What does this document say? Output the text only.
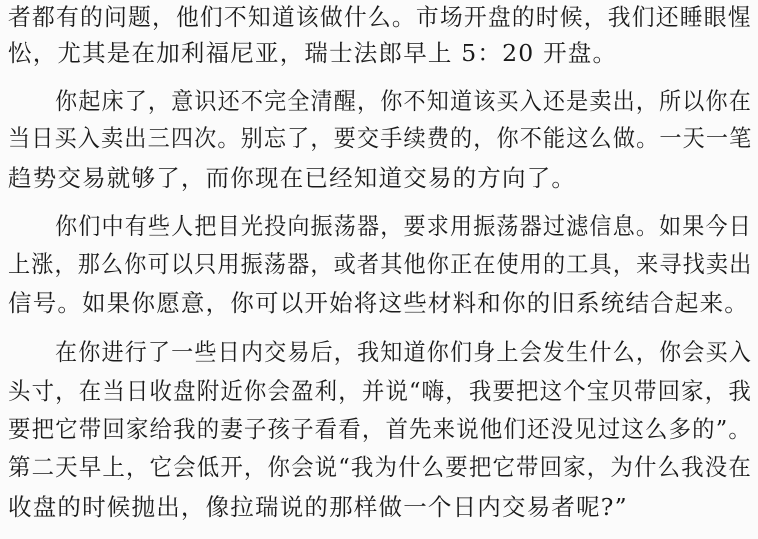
者都有的问题，他们不知道该做什么。市场开盘的时候，我们还睡眼惺
忪，尤其是在加利福尼亚，瑞士法郎早上 5：20 开盘。
你起床了，意识还不完全清醒，你不知道该买入还是卖出，所以你在
当日买入卖出三四次。别忘了，要交手续费的，你不能这么做。一天一笔
趋势交易就够了，而你现在已经知道交易的方向了。
你们中有些人把目光投向振荡器，要求用振荡器过滤信息。如果今日
上涨，那么你可以只用振荡器，或者其他你正在使用的工具，来寻找卖出
信号。如果你愿意，你可以开始将这些材料和你的旧系统结合起来。
在你进行了一些日内交易后，我知道你们身上会发生什么，你会买入
头寸，在当日收盘附近你会盈利，并说“嗨，我要把这个宝贝带回家，我
要把它带回家给我的妻子孩子看看，首先来说他们还没见过这么多的”。
第二天早上，它会低开，你会说“我为什么要把它带回家，为什么我没在
收盘的时候抛出，像拉瑞说的那样做一个日内交易者呢?”
